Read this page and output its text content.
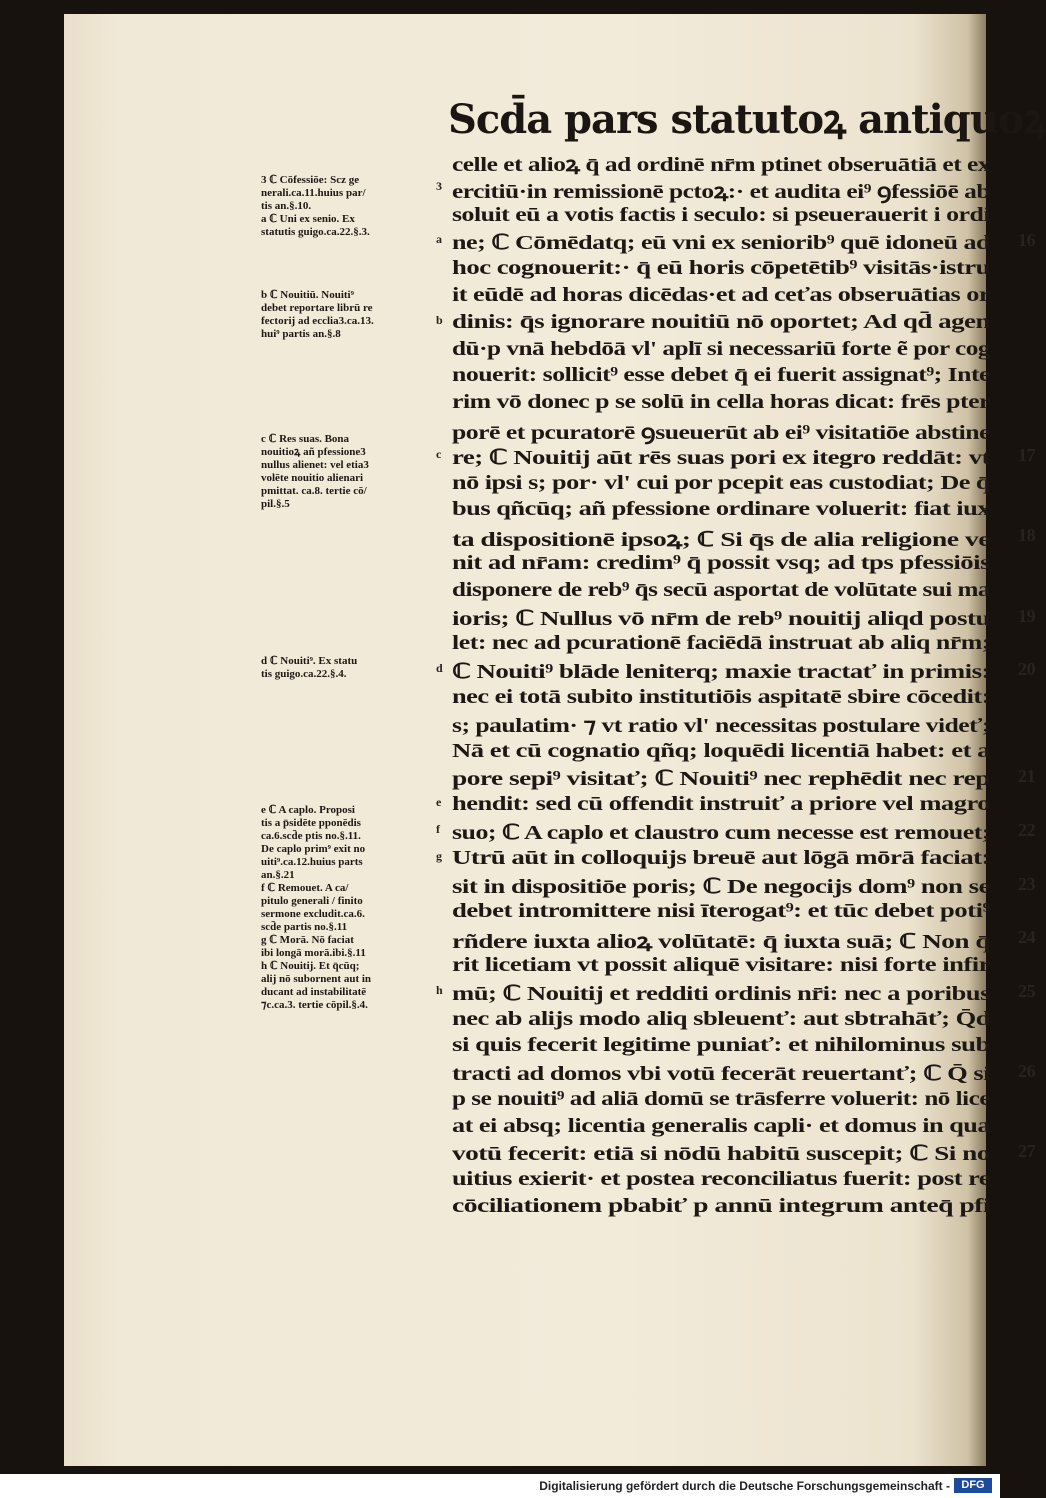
Scd̄a pars statutoꝝ antiquoꝝ
celle et alioꝝ q̄ ad ordinē nr̄m ptinet obseruātiā et ex
ercitiū·in remissionē pctoꝝ:· et audita ei⁹ ꝯfessiōē ab
3
soluit eū a votis factis i seculo: si pseuerauerit i ordi
ne; ℂ Cōmēdatq; eū vni ex seniorib⁹ quē idoneū ad
a	16
hoc cognouerit:· q̄ eū horis cōpetētib⁹ visitās·istru
it eūdē ad horas dicēdas·et ad ceťas obseruātias or
dinis: q̄s ignorare nouitiū nō oportet; Ad qd̄ agen
b
dū·p vnā hebdōā vl' aplī si necessariū forte ẽ por cog
nouerit: sollicit⁹ esse debet q̄ ei fuerit assignat⁹; Inte
rim vō donec p se solū in cella horas dicat: frēs pter
porē et pcuratorē ꝯsueuerūt ab ei⁹ visitatiōe abstine
re; ℂ Nouitij aūt rēs suas pori ex itegro reddāt: vt
c	17
nō ipsi s; por· vl' cui por pcepit eas custodiat; De q̄
bus qñcūq; añ pfessione ordinare voluerit: fiat iux
ta dispositionē ipsoꝝ; ℂ Si q̄s de alia religione ve 18
nit ad nr̄am: credim⁹ q̄ possit vsq; ad tps pfessiōis
disponere de reb⁹ q̄s secū asportat de volūtate sui ma
ioris; ℂ Nullus vō nr̄m de reb⁹ nouitij aliqd postu 19
let: nec ad pcurationē faciēdā instruat ab aliq nr̄m;
ℂ Nouiti⁹ blāde leniterq; maxie tractať in primis:
d	20
nec ei totā subito institutiōis aspitatē sbire cōcedit:
s; paulatim· ⁊ vt ratio vl' necessitas postulare videť;
Nā et cū cognatio qñq; loquēdi licentiā habet: et a
pore sepi⁹ visitať; ℂ Nouiti⁹ nec rephēdit nec rep 21
hendit: sed cū offendit instruiť a priore vel magro
e
suo; ℂ A caplo et claustro cum necesse est remouet;
f	22
Utrū aūt in colloquijs breuē aut lōgā mōrā faciat:
g
sit in dispositiōe poris; ℂ De negocijs dom⁹ non se 23
debet intromittere nisi īterogat⁹: et tūc debet poti⁹
rñdere iuxta alioꝝ volūtatē: q̄ iuxta suā; ℂ Non q̄ 24
rit licetiam vt possit aliquē visitare: nisi forte infir
mū; ℂ Nouitij et redditi ordinis nr̄i: nec a poribus
h	25
nec ab alijs modo aliq sbleuenť: aut sbtrahāť; Q̄d
si quis fecerit legitime puniať: et nihilominus sub
tracti ad domos vbi votū fecerāt reuertanť; ℂ Q̄ si 26
p se nouiti⁹ ad aliā domū se trāsferre voluerit: nō lice
at ei absq; licentia generalis capli· et domus in qua
votū fecerit: etiā si nōdū habitū suscepit; ℂ Si no 27
uitius exierit· et postea reconciliatus fuerit: post re
cōciliationem pbabiť p annū integrum anteq̄ pfi
3 ℂ Cōfessiōe: Scz ge
nerali.ca.11.huius par/
tis an.§.10.
a ℂ Uni ex senio. Ex
statutis guigo.ca.22.§.3.
b ℂ Nouitiū. Nouiti⁹
debet reportare librū re
fectorij ad ecclia3.ca.13.
hui⁹ partis an.§.8
c ℂ Res suas. Bona
nouitioꝝ añ pfessione3
nullus alienet: vel etia3
volēte nouitio alienari
pmittat. ca.8. tertie cō/
pil.§.5
d ℂ Nouiti⁹. Ex statu
tis guigo.ca.22.§.4.
e ℂ A caplo. Proposi
tis a p̄sidēte pponēdis
ca.6.scd̄e ptis no.§.11.
De caplo prim⁹ exit no
uiti⁹.ca.12.huius parts
an.§.21
f ℂ Remouet. A ca/
pitulo generali / finito
sermone excludit.ca.6.
scd̄e partis no.§.11
g ℂ Morā. Nō faciat
ibi longā morā.ibi.§.11
h ℂ Nouitij. Et q̄cūq;
alij nō subornent aut in
ducant ad instabilitatē
⁊c.ca.3. tertie cōpil.§.4.
Digitalisierung gefördert durch die Deutsche Forschungsgemeinschaft -	DFG
